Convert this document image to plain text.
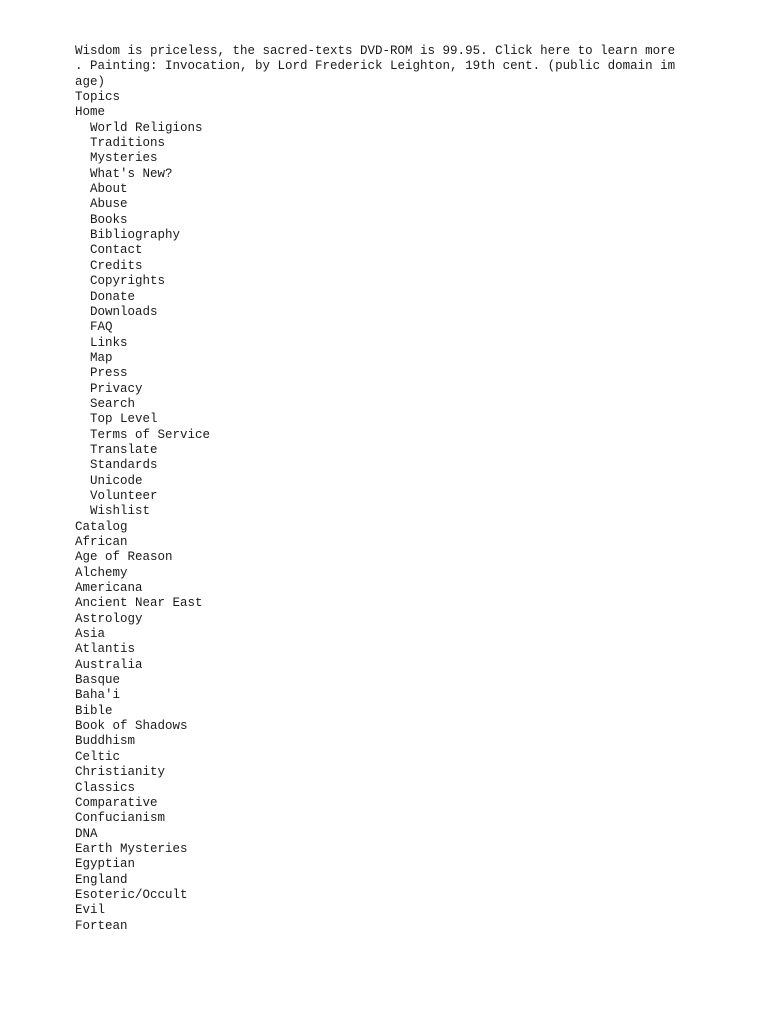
Wisdom is priceless, the sacred-texts DVD-ROM is 99.95. Click here to learn more
. Painting: Invocation, by Lord Frederick Leighton, 19th cent. (public domain im
age)
Topics
Home
World Religions
Traditions
Mysteries
What's New?
About
Abuse
Books
Bibliography
Contact
Credits
Copyrights
Donate
Downloads
FAQ
Links
Map
Press
Privacy
Search
Top Level
Terms of Service
Translate
Standards
Unicode
Volunteer
Wishlist
Catalog
African
Age of Reason
Alchemy
Americana
Ancient Near East
Astrology
Asia
Atlantis
Australia
Basque
Baha'i
Bible
Book of Shadows
Buddhism
Celtic
Christianity
Classics
Comparative
Confucianism
DNA
Earth Mysteries
Egyptian
England
Esoteric/Occult
Evil
Fortean
